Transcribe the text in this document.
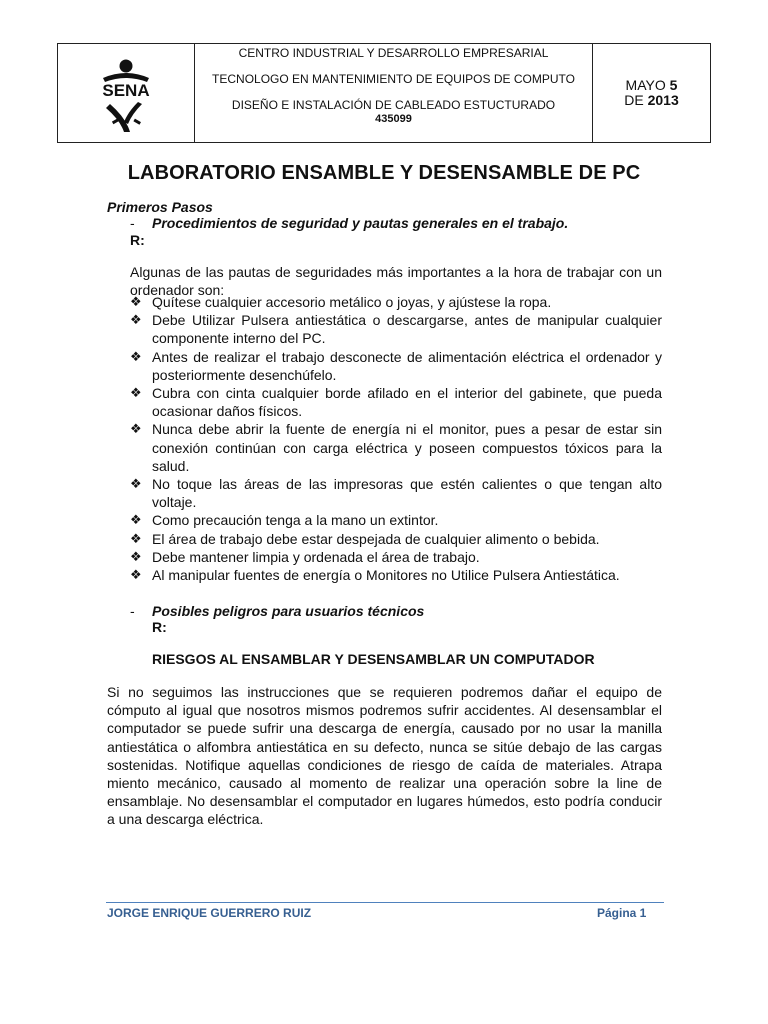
SENA
CENTRO INDUSTRIAL Y DESARROLLO EMPRESARIAL
TECNOLOGO EN MANTENIMIENTO DE EQUIPOS DE COMPUTO
DISEÑO E INSTALACIÓN DE CABLEADO ESTUCTURADO
435099
MAYO 5
DE 2013
LABORATORIO ENSAMBLE Y DESENSAMBLE DE PC
Primeros Pasos
- Procedimientos de seguridad y pautas generales en el trabajo.
R:
Algunas de las pautas de seguridades más importantes a la hora de trabajar con un ordenador son:
❖ Quítese cualquier accesorio metálico o joyas, y ajústese la ropa.
❖ Debe Utilizar Pulsera antiestática o descargarse, antes de manipular cualquier componente interno del PC.
❖ Antes de realizar el trabajo desconecte de alimentación eléctrica el ordenador y posteriormente desenchúfelo.
❖ Cubra con cinta cualquier borde afilado en el interior del gabinete, que pueda ocasionar daños físicos.
❖ Nunca debe abrir la fuente de energía ni el monitor, pues a pesar de estar sin conexión continúan con carga eléctrica y poseen compuestos tóxicos para la salud.
❖ No toque las áreas de las impresoras que estén calientes o que tengan alto voltaje.
❖ Como precaución tenga a la mano un extintor.
❖ El área de trabajo debe estar despejada de cualquier alimento o bebida.
❖ Debe mantener limpia y ordenada el área de trabajo.
❖ Al manipular fuentes de energía o Monitores no Utilice Pulsera Antiestática.
- Posibles peligros para usuarios técnicos
R:
RIESGOS AL ENSAMBLAR Y DESENSAMBLAR UN COMPUTADOR
Si no seguimos las instrucciones que se requieren podremos dañar el equipo de cómputo al igual que nosotros mismos podremos sufrir accidentes. Al desensamblar el computador se puede sufrir una descarga de energía, causado por no usar la manilla antiestática o alfombra antiestática en su defecto, nunca se sitúe debajo de las cargas sostenidas. Notifique aquellas condiciones de riesgo de caída de materiales. Atrapa miento mecánico, causado al momento de realizar una operación sobre la line de ensamblaje. No desensamblar el computador en lugares húmedos, esto podría conducir a una descarga eléctrica.
JORGE ENRIQUE GUERRERO RUIZ	Página 1
